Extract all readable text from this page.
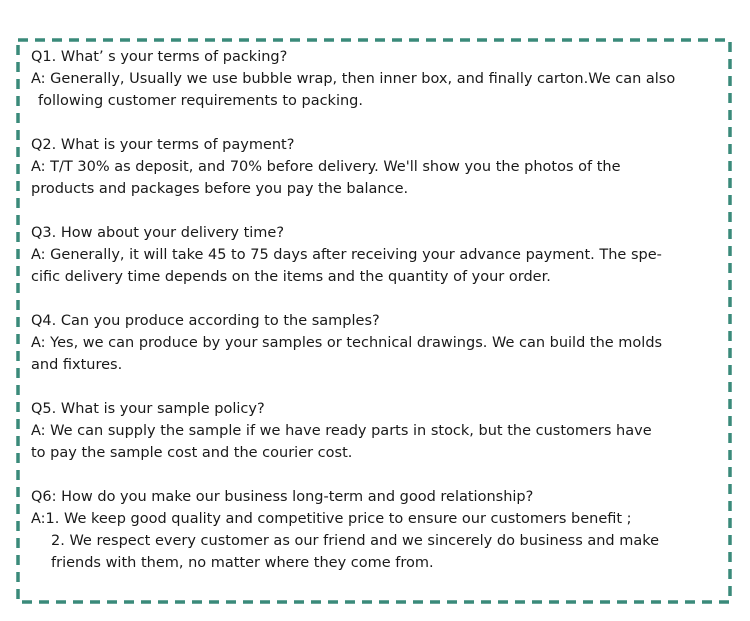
Q1. What’ s your terms of packing?

A: Generally, Usually we use bubble wrap, then inner box, and finally carton.We can also

following customer requirements to packing.

Q2. What is your terms of payment?

A: T/T 30% as deposit, and 70% before delivery. We'll show you the photos of the

products and packages before you pay the balance.

Q3. How about your delivery time?

A: Generally, it will take 45 to 75 days after receiving your advance payment. The spe-

cific delivery time depends on the items and the quantity of your order.

Q4. Can you produce according to the samples?

A: Yes, we can produce by your samples or technical drawings. We can build the molds

and fixtures.

Q5. What is your sample policy?

A: We can supply the sample if we have ready parts in stock, but the customers have

to pay the sample cost and the courier cost.

Q6: How do you make our business long-term and good relationship?

A:1. We keep good quality and competitive price to ensure our customers benefit ;

2. We respect every customer as our friend and we sincerely do business and make

friends with them, no matter where they come from.
